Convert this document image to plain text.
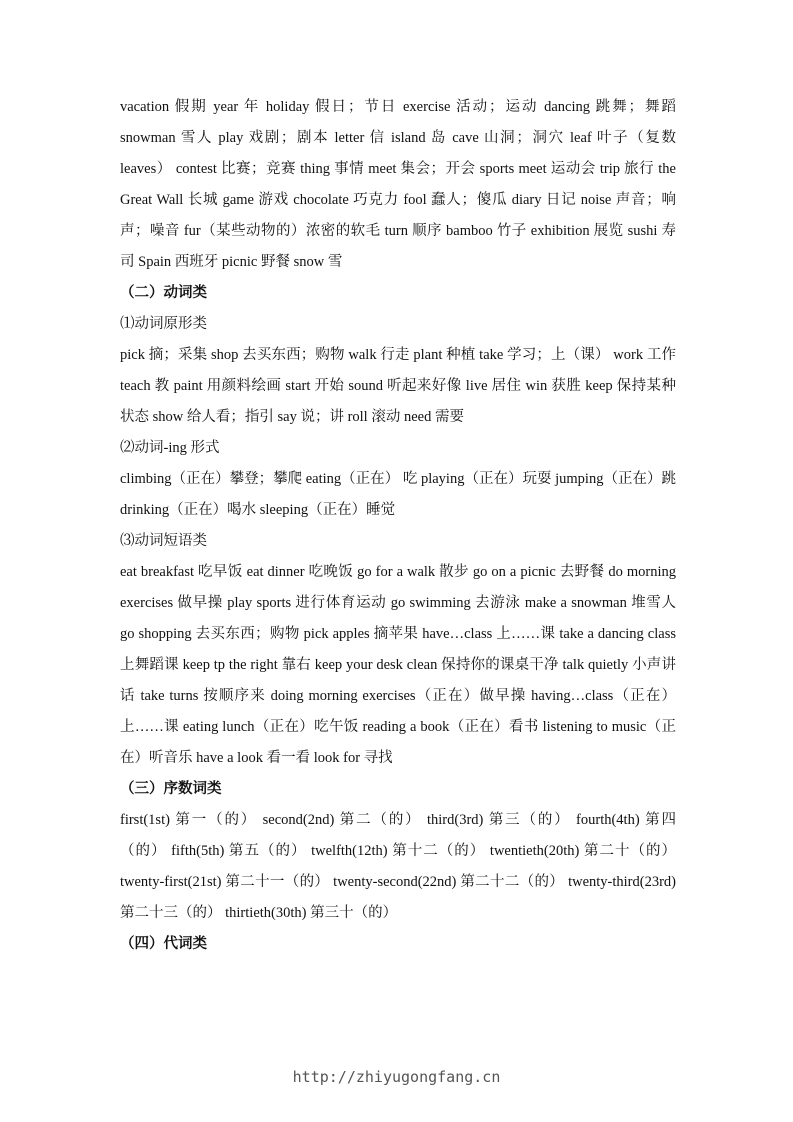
vacation 假期 year 年 holiday 假日；节日 exercise 活动；运动 dancing 跳舞；舞蹈 snowman 雪人 play 戏剧；剧本 letter 信 island 岛 cave 山洞；洞穴 leaf 叶子（复数 leaves） contest 比赛；竞赛 thing 事情 meet 集会；开会 sports meet 运动会 trip 旅行 the Great Wall 长城 game 游戏 chocolate 巧克力 fool 蠢人；傻瓜 diary 日记 noise 声音；响声；噪音 fur（某些动物的）浓密的软毛 turn 顺序 bamboo 竹子 exhibition 展览 sushi 寿司 Spain 西班牙 picnic 野餐 snow 雪

（二）动词类

⑴动词原形类

pick 摘；采集 shop 去买东西；购物 walk 行走 plant 种植 take 学习；上（课） work 工作 teach 教 paint 用颜料绘画 start 开始 sound 听起来好像 live 居住 win 获胜 keep 保持某种状态 show 给人看；指引 say 说；讲 roll 滚动 need 需要

⑵动词-ing 形式

climbing（正在）攀登；攀爬 eating（正在） 吃 playing（正在）玩耍 jumping（正在）跳 drinking（正在）喝水 sleeping（正在）睡觉

⑶动词短语类

eat breakfast 吃早饭 eat dinner 吃晚饭 go for a walk 散步 go on a picnic 去野餐 do morning exercises 做早操 play sports 进行体育运动 go swimming 去游泳 make a snowman 堆雪人 go shopping 去买东西；购物 pick apples 摘苹果 have…class 上……课 take a dancing class 上舞蹈课 keep tp the right 靠右 keep your desk clean 保持你的课桌干净 talk quietly 小声讲话 take turns 按顺序来 doing morning exercises（正在）做早操 having…class（正在）上……课 eating lunch（正在）吃午饭 reading a book（正在）看书 listening to music（正在）听音乐 have a look 看一看 look for 寻找

（三）序数词类

first(1st) 第一（的） second(2nd) 第二（的） third(3rd) 第三（的） fourth(4th) 第四（的） fifth(5th) 第五（的） twelfth(12th) 第十二（的） twentieth(20th) 第二十（的） twenty-first(21st) 第二十一（的） twenty-second(22nd) 第二十二（的） twenty-third(23rd) 第二十三（的） thirtieth(30th) 第三十（的）

（四）代词类

http://zhiyugongfang.cn
